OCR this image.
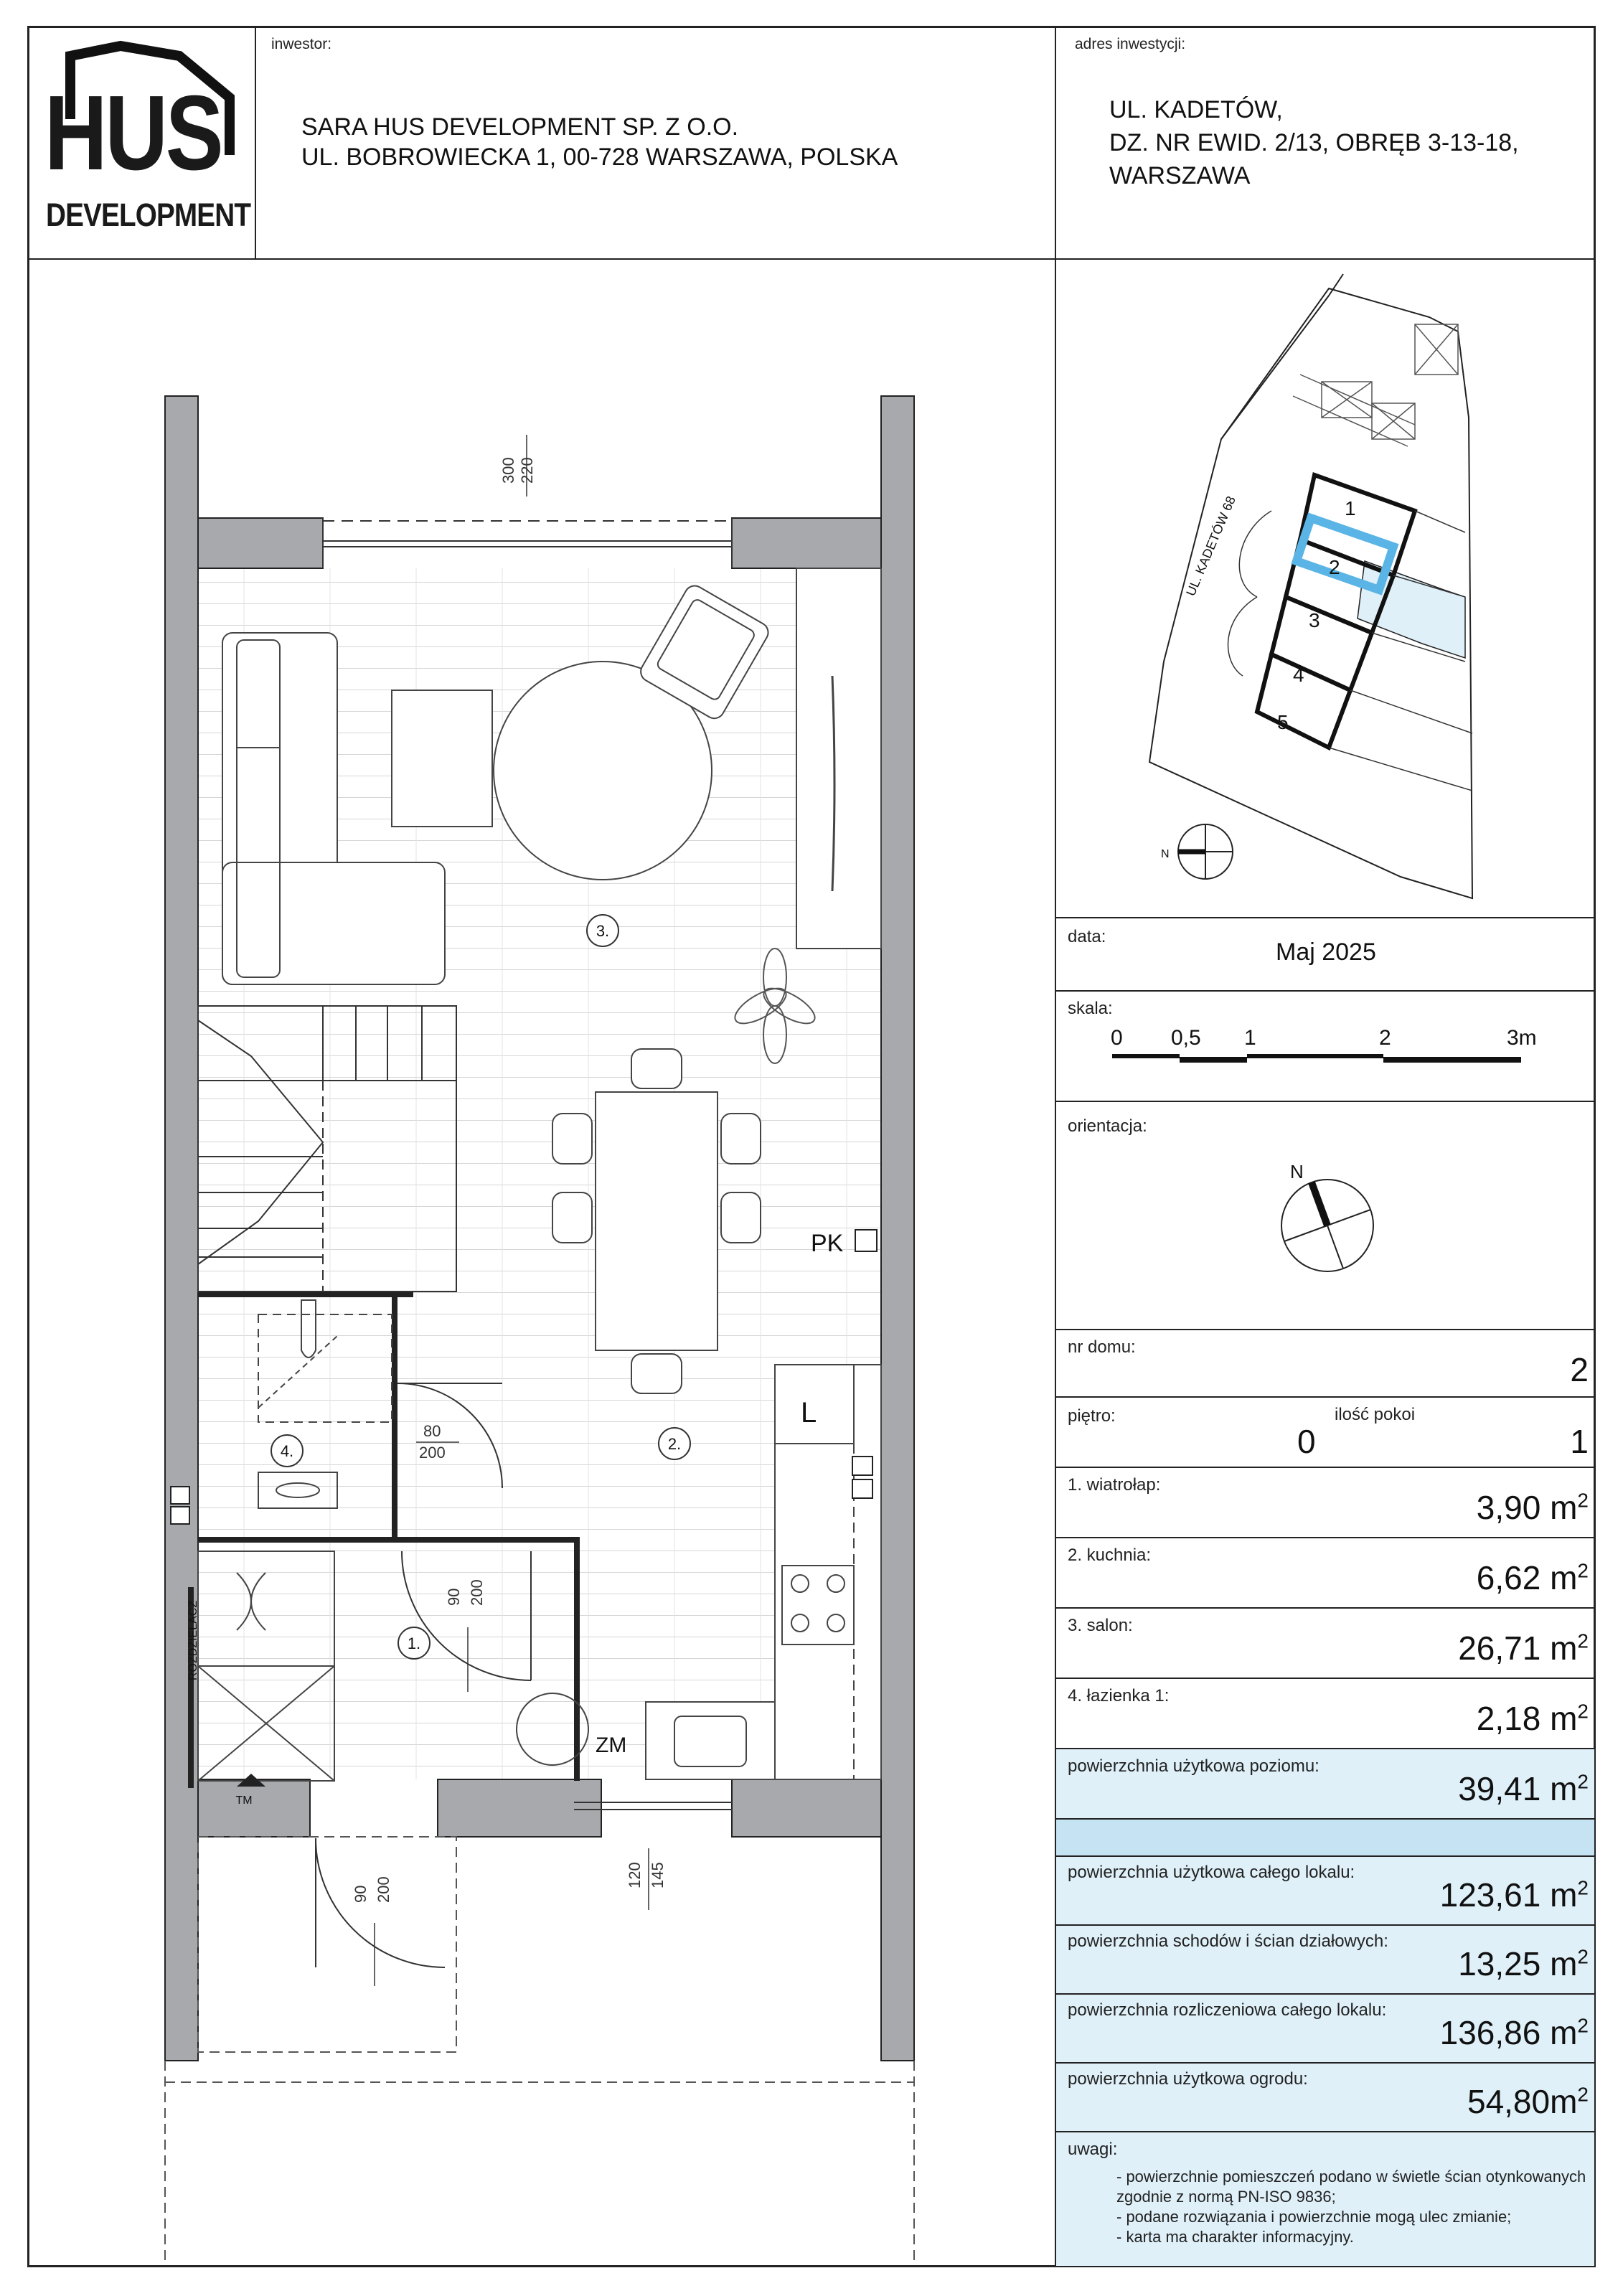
HUS
DEVELOPMENT
inwestor:
SARA HUS DEVELOPMENT SP. Z O.O.
UL. BOBROWIECKA 1, 00-728 WARSZAWA, POLSKA
adres inwestycji:
UL. KADETÓW,
DZ. NR EWID. 2/13, OBRĘB 3-13-18,
WARSZAWA
1
2
3
4
5
UL. KADETÓW 68
N
data:
Maj 2025
skala:
0 0,5 1	2	3m
orientacja:
N
nr domu:
2
piętro:	ilość pokoi
0	1
1. wiatrołap:
3,90 $m^2$
2. kuchnia:
6,62 $m^2$
3. salon:
26,71 $m^2$
4. łazienka 1:
2,18 $m^2$
powierzchnia użytkowa poziomu:
39,41 $m^2$
powierzchnia użytkowa całego lokalu:
123,61 $m^2$
powierzchnia schodów i ścian działowych:
13,25 $m^2$
powierzchnia rozliczeniowa całego lokalu:
136,86 $m^2$
powierzchnia użytkowa ogrodu:
$54,80m^2$
uwagi:
- powierzchnie pomieszczeń podano w świetle ścian otynkowanych
zgodnie z normą PN-ISO 9836;
- podane rozwiązania i powierzchnie mogą ulec zmianie;
- karta ma charakter informacyjny.
1.
2.
3.
4.
PK
L
ZM
TM
ROZDZIELACZ
300 220
80
200
90 200
90 200
120 145
